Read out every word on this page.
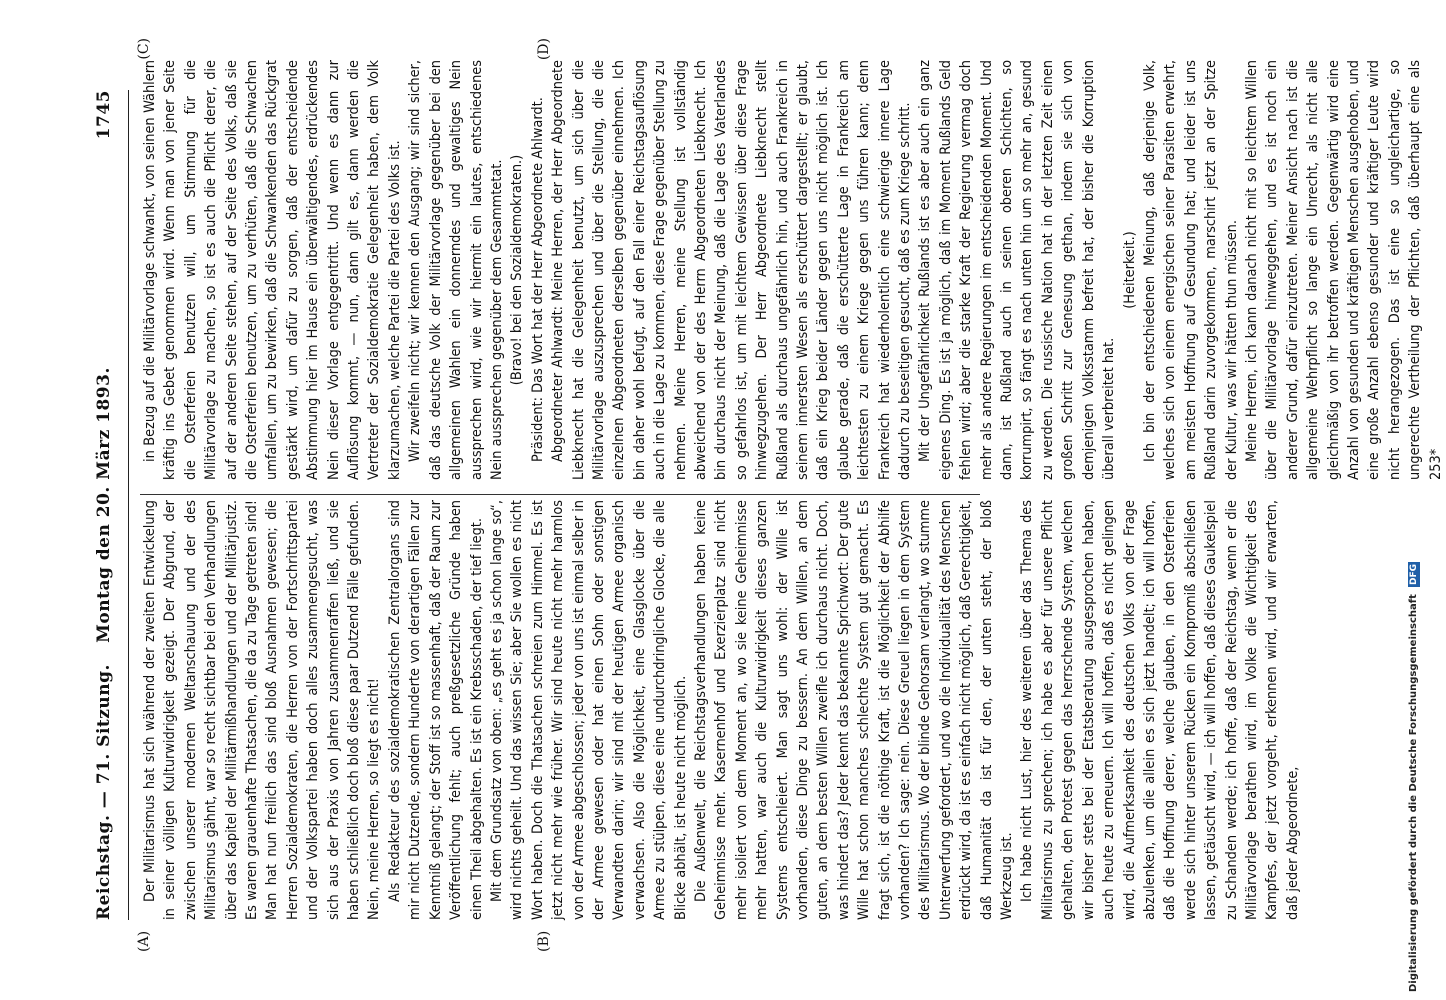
Reichstag. — 71. Sitzung.
Montag den 20. März 1893.
1745
(A)	(B)
(C)	(D)

Der Militarismus hat sich während der zweiten Entwickelung in seiner völligen Kulturwidrigkeit gezeigt. Der Abgrund, der zwischen unserer modernen Weltanschauung und der des Militarismus gähnt, war so recht sichtbar bei den Verhandlungen über das Kapitel der Militärmißhandlungen und der Militärjustiz. Es waren grauenhafte Thatsachen, die da zu Tage getreten sind! Man hat nun freilich das sind bloß Ausnahmen gewesen; die Herren Sozialdemokraten, die Herren von der Fortschrittspartei und der Volkspartei haben doch alles zusammengesucht, was sich aus der Praxis von Jahren zusammenraffen ließ, und sie haben schließlich doch bloß diese paar Dutzend Fälle gefunden. Nein, meine Herren, so liegt es nicht! Als Redakteur des sozialdemokratischen Zentralorgans sind mir nicht Dutzende, sondern Hunderte von derartigen Fällen zur Kenntniß gelangt; der Stoff ist so massenhaft, daß der Raum zur Veröffentlichung fehlt; auch preßgesetzliche Gründe haben einen Theil abgehalten. Es ist ein Krebsschaden, der tief liegt. Mit dem Grundsatz von oben: „es geht es ja schon lange so“, wird nichts geheilt. Und das wissen Sie; aber Sie wollen es nicht Wort haben. Doch die Thatsachen schreien zum Himmel. Es ist jetzt nicht mehr wie früher. Wir sind heute nicht mehr harmlos von der Armee abgeschlossen; jeder von uns ist einmal selber in der Armee gewesen oder hat einen Sohn oder sonstigen Verwandten darin; wir sind mit der heutigen Armee organisch verwachsen. Also die Möglichkeit, eine Glasglocke über die Armee zu stülpen, diese eine undurchdringliche Glocke, die alle Blicke abhält, ist heute nicht möglich. Die Außenwelt, die Reichstagsverhandlungen haben keine Geheimnisse mehr. Kasernenhof und Exerzierplatz sind nicht mehr isoliert von dem Moment an, wo sie keine Geheimnisse mehr hatten, war auch die Kulturwidrigkeit dieses ganzen Systems entschleiert. Man sagt uns wohl: der Wille ist vorhanden, diese Dinge zu bessern. An dem Willen, an dem guten, an dem besten Willen zweifle ich durchaus nicht. Doch, was hindert das? Jeder kennt das bekannte Sprichwort: Der gute Wille hat schon manches schlechte System gut gemacht. Es fragt sich, ist die nöthige Kraft, ist die Möglichkeit der Abhilfe vorhanden? Ich sage: nein. Diese Greuel liegen in dem System des Militarismus. Wo der blinde Gehorsam verlangt, wo stumme Unterwerfung gefordert, und wo die Individualität des Menschen erdrückt wird, da ist es einfach nicht möglich, daß Gerechtigkeit, daß Humanität da ist für den, der unten steht, der bloß Werkzeug ist. Ich habe nicht Lust, hier des weiteren über das Thema des Militarismus zu sprechen; ich habe es aber für unsere Pflicht gehalten, den Protest gegen das herrschende System, welchen wir bisher stets bei der Etatsberatung ausgesprochen haben, auch heute zu erneuern. Ich will hoffen, daß es nicht gelingen wird, die Aufmerksamkeit des deutschen Volks von der Frage abzulenken, um die allein es sich jetzt handelt; ich will hoffen, daß die Hoffnung derer, welche glauben, in den Osterferien werde sich hinter unserem Rücken ein Kompromiß abschließen lassen, getäuscht wird, — ich will hoffen, daß dieses Gaukelspiel zu Schanden werde; ich hoffe, daß der Reichstag, wenn er die Militärvorlage berathen wird, im Volke die Wichtigkeit des Kampfes, der jetzt vorgeht, erkennen wird, und wir erwarten, daß jeder Abgeordnete,

in Bezug auf die Militärvorlage schwankt, von seinen Wählern kräftig ins Gebet genommen wird. Wenn man von jener Seite die Osterferien benutzen will, um Stimmung für die Militärvorlage zu machen, so ist es auch die Pflicht derer, die auf der anderen Seite stehen, auf der Seite des Volks, daß sie die Osterferien benutzen, um zu verhüten, daß die Schwachen umfallen, um zu bewirken, daß die Schwankenden das Rückgrat gestärkt wird, um dafür zu sorgen, daß der entscheidende Abstimmung hier im Hause ein überwältigendes, erdrückendes Nein dieser Vorlage entgegentritt. Und wenn es dann zur Auflösung kommt, — nun, dann gilt es, dann werden die Vertreter der Sozialdemokratie Gelegenheit haben, dem Volk klarzumachen, welche Partei die Partei des Volks ist. Wir zweifeln nicht; wir kennen den Ausgang; wir sind sicher, daß das deutsche Volk der Militärvorlage gegenüber bei den allgemeinen Wahlen ein donnerndes und gewaltiges Nein aussprechen wird, wie wir hiermit ein lautes, entschiedenes Nein aussprechen gegenüber dem Gesammtetat. (Bravo! bei den Sozialdemokraten.) Präsident: Das Wort hat der Herr Abgeordnete Ahlwardt. Abgeordneter Ahlwardt: Meine Herren, der Herr Abgeordnete Liebknecht hat die Gelegenheit benutzt, um sich über die Militärvorlage auszusprechen und über die Stellung, die die einzelnen Abgeordneten derselben gegenüber einnehmen. Ich bin daher wohl befugt, auf den Fall einer Reichstagsauflösung auch in die Lage zu kommen, diese Frage gegenüber Stellung zu nehmen. Meine Herren, meine Stellung ist vollständig abweichend von der des Herrn Abgeordneten Liebknecht. Ich bin durchaus nicht der Meinung, daß die Lage des Vaterlandes so gefahrlos ist, um mit leichtem Gewissen über diese Frage hinwegzugehen. Der Herr Abgeordnete Liebknecht stellt Rußland als durchaus ungefährlich hin, und auch Frankreich in seinem innersten Wesen als erschüttert dargestellt; er glaubt, daß ein Krieg beider Länder gegen uns nicht möglich ist. Ich glaube gerade, daß die erschütterte Lage in Frankreich am leichtesten zu einem Kriege gegen uns führen kann; denn Frankreich hat wiederholentlich eine schwierige innere Lage dadurch zu beseitigen gesucht, daß es zum Kriege schritt. Mit der Ungefährlichkeit Rußlands ist es aber auch ein ganz eigenes Ding. Es ist ja möglich, daß im Moment Rußlands Geld fehlen wird; aber die starke Kraft der Regierung vermag doch mehr als andere Regierungen im entscheidenden Moment. Und dann, ist Rußland auch in seinen oberen Schichten, so korrumpirt, so fängt es nach unten hin um so mehr an, gesund zu werden. Die russische Nation hat in der letzten Zeit einen großen Schritt zur Genesung gethan, indem sie sich von demjenigen Volksstamm befreit hat, der bisher die Korruption überall verbreitet hat.

(Heiterkeit.) Ich bin der entschiedenen Meinung, daß derjenige Volk, welches sich von einem energischen seiner Parasiten erwehrt, am meisten Hoffnung auf Gesundung hat; und leider ist uns Rußland darin zuvorgekommen, marschirt jetzt an der Spitze der Kultur, was wir hätten thun müssen. Meine Herren, ich kann danach nicht mit so leichtem Willen über die Militärvorlage hinweggehen, und es ist noch ein anderer Grund, dafür einzutreten. Meiner Ansicht nach ist die allgemeine Wehrpflicht so lange ein Unrecht, als nicht alle gleichmäßig von ihr betroffen werden. Gegenwärtig wird eine Anzahl von gesunden und kräftigen Menschen ausgehoben, und eine große Anzahl ebenso gesunder und kräftiger Leute wird nicht herangezogen. Das ist eine so ungleichartige, so ungerechte Vertheilung der Pflichten, daß überhaupt eine als 253*

Digitalisierung gefördert durch die Deutsche Forschungsgemeinschaft DFG
